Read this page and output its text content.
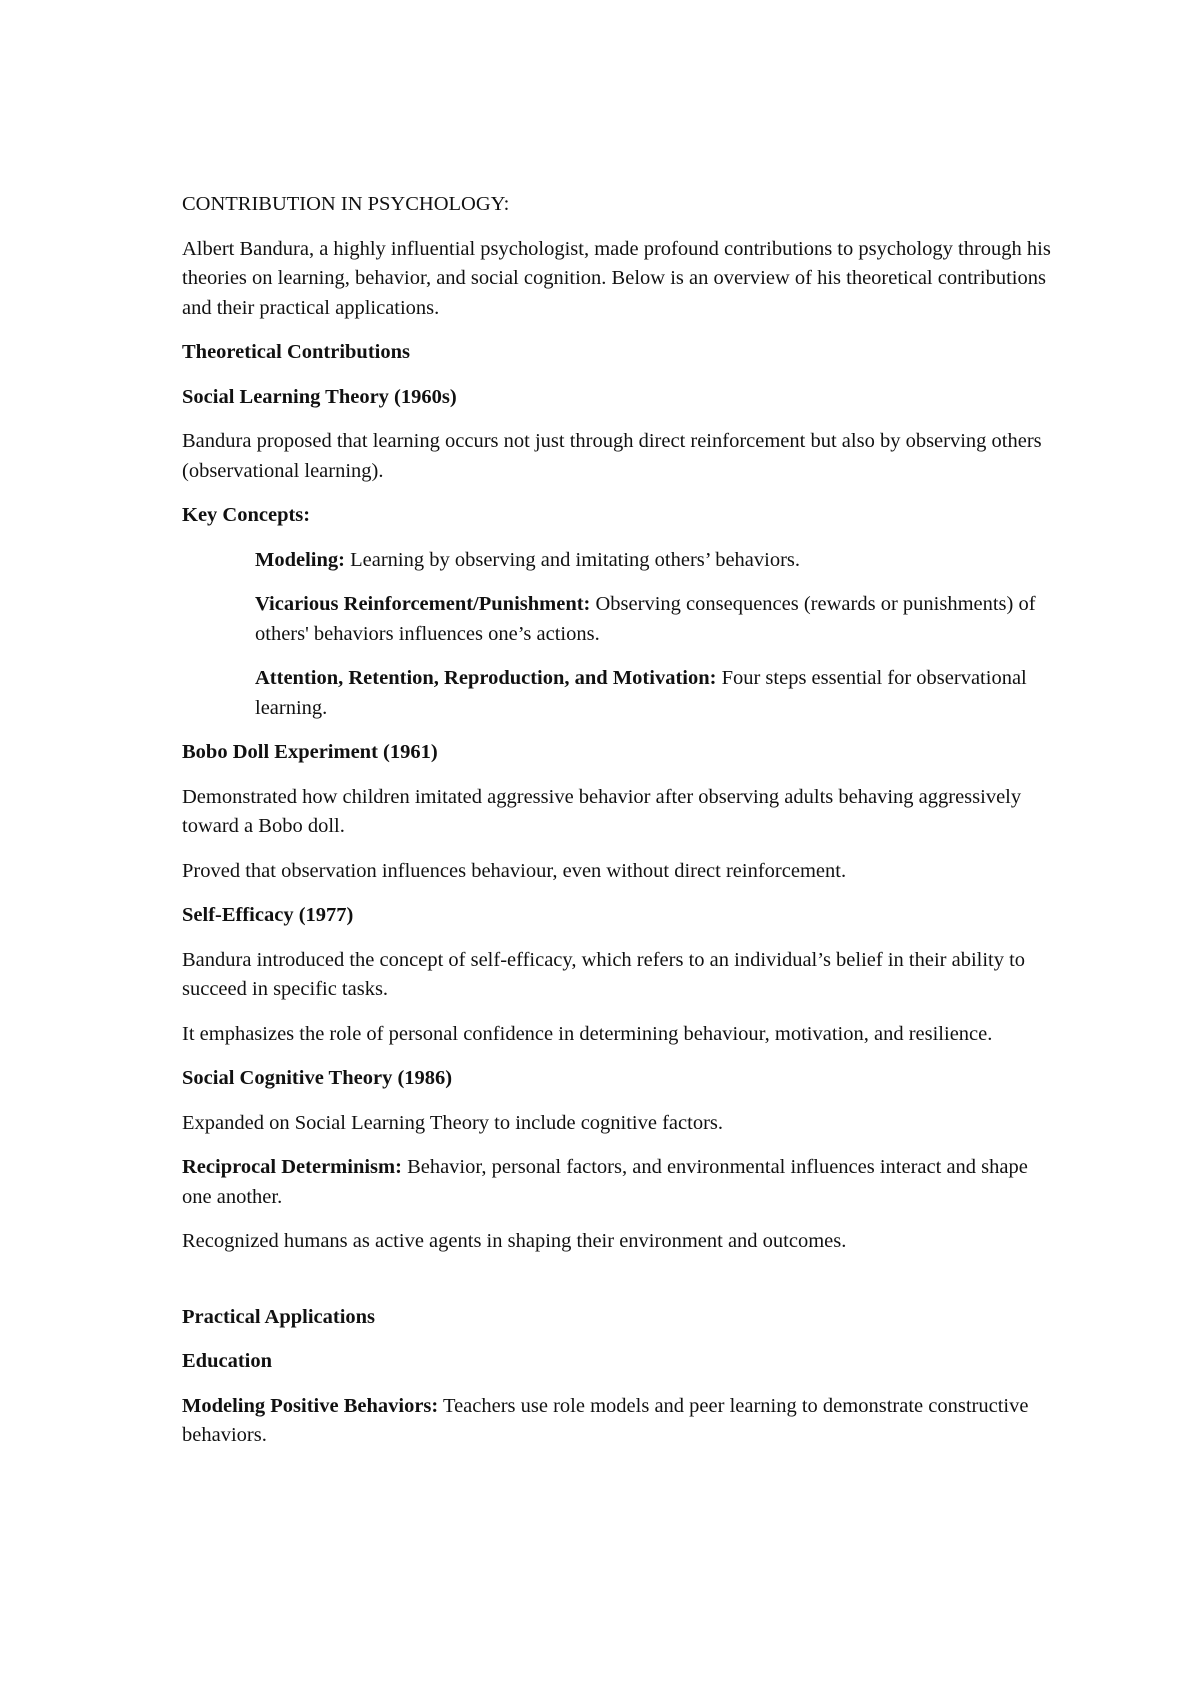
CONTRIBUTION IN PSYCHOLOGY:

Albert Bandura, a highly influential psychologist, made profound contributions to psychology through his theories on learning, behavior, and social cognition. Below is an overview of his theoretical contributions and their practical applications.

Theoretical Contributions

Social Learning Theory (1960s)

Bandura proposed that learning occurs not just through direct reinforcement but also by observing others (observational learning).

Key Concepts:

Modeling: Learning by observing and imitating others’ behaviors.

Vicarious Reinforcement/Punishment: Observing consequences (rewards or punishments) of others' behaviors influences one’s actions.

Attention, Retention, Reproduction, and Motivation: Four steps essential for observational learning.

Bobo Doll Experiment (1961)

Demonstrated how children imitated aggressive behavior after observing adults behaving aggressively toward a Bobo doll.

Proved that observation influences behaviour, even without direct reinforcement.

Self-Efficacy (1977)

Bandura introduced the concept of self-efficacy, which refers to an individual’s belief in their ability to succeed in specific tasks.

It emphasizes the role of personal confidence in determining behaviour, motivation, and resilience.

Social Cognitive Theory (1986)

Expanded on Social Learning Theory to include cognitive factors.

Reciprocal Determinism: Behavior, personal factors, and environmental influences interact and shape one another.

Recognized humans as active agents in shaping their environment and outcomes.

Practical Applications

Education

Modeling Positive Behaviors: Teachers use role models and peer learning to demonstrate constructive behaviors.
